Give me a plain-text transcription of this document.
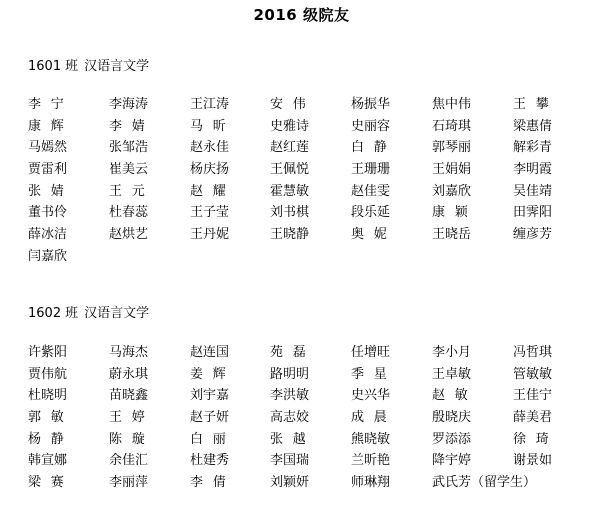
2016 级院友
1601 班 汉语言文学
李宁	李海涛	王江涛	安伟	杨振华	焦中伟	王攀
康辉	李婧	马昕	史雅诗	史丽容	石琦琪	梁惠倩
马嫣然	张邹浩	赵永佳	赵红莲	白静	郭琴丽	解彩青
贾雷利	崔美云	杨庆扬	王佩悦	王珊珊	王娟娟	李明霞
张婧	王元	赵耀	霍慧敏	赵佳雯	刘嘉欣	吴佳靖
董书伶	杜春蕊	王子莹	刘书棋	段乐延	康颖	田霁阳
薛冰洁	赵烘艺	王丹妮	王晓静	奥妮	王晓岳	缠彦芳
闫嘉欣
1602 班 汉语言文学
许紫阳	马海杰	赵连国	苑磊	任增旺	李小月	冯哲琪
贾伟航	蔚永琪	姜辉	路明明	季星	王卓敏	管敏敏
杜晓明	苗晓鑫	刘宇嘉	李洪敏	史兴华	赵敏	王佳宁
郭敏	王婷	赵子妍	高志姣	成晨	殷晓庆	薛美君
杨静	陈璇	白丽	张越	熊晓敏	罗添添	徐琦
韩宣娜	余佳汇	杜建秀	李国瑞	兰昕艳	降宇婷	谢景如
梁赛	李丽萍	李倩	刘颖妍	师琳翔	武氏芳（留学生）
